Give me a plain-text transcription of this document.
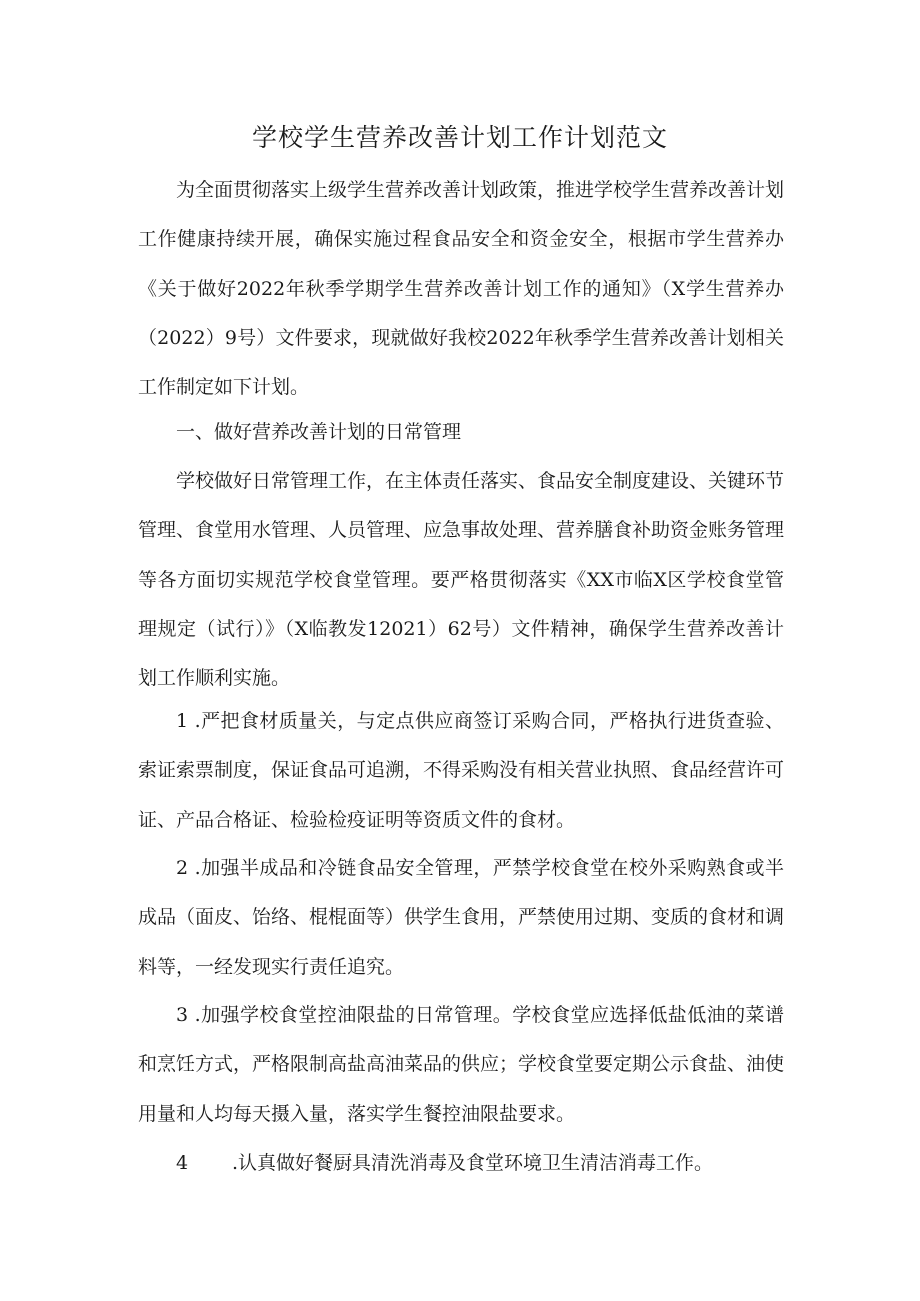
学校学生营养改善计划工作计划范文

为全面贯彻落实上级学生营养改善计划政策，推进学校学生营养改善计划工作健康持续开展，确保实施过程食品安全和资金安全，根据市学生营养办《关于做好2022年秋季学期学生营养改善计划工作的通知》（X学生营养办（2022）9号）文件要求，现就做好我校2022年秋季学生营养改善计划相关工作制定如下计划。

一、做好营养改善计划的日常管理

学校做好日常管理工作，在主体责任落实、食品安全制度建设、关键环节管理、食堂用水管理、人员管理、应急事故处理、营养膳食补助资金账务管理等各方面切实规范学校食堂管理。要严格贯彻落实《XX市临X区学校食堂管理规定（试行）》（X临教发12021）62号）文件精神，确保学生营养改善计划工作顺利实施。

1 .严把食材质量关，与定点供应商签订采购合同，严格执行进货查验、索证索票制度，保证食品可追溯，不得采购没有相关营业执照、食品经营许可证、产品合格证、检验检疫证明等资质文件的食材。

2 .加强半成品和冷链食品安全管理，严禁学校食堂在校外采购熟食或半成品（面皮、饴络、棍棍面等）供学生食用，严禁使用过期、变质的食材和调料等，一经发现实行责任追究。

3 .加强学校食堂控油限盐的日常管理。学校食堂应选择低盐低油的菜谱和烹饪方式，严格限制高盐高油菜品的供应；学校食堂要定期公示食盐、油使用量和人均每天摄入量，落实学生餐控油限盐要求。

4 .认真做好餐厨具清洗消毒及食堂环境卫生清洁消毒工作。
